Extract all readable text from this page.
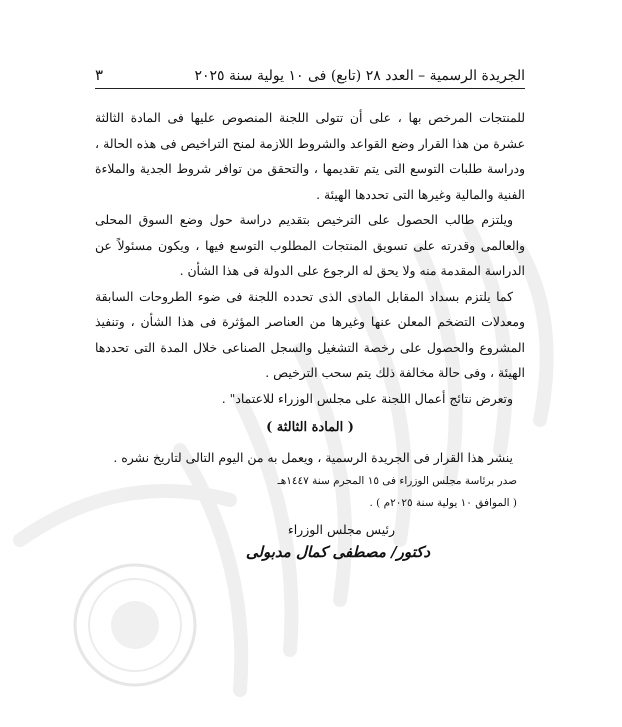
الجريدة الرسمية – العدد ٢٨ (تابع) فى ١٠ يولية سنة ٢٠٢٥
٣

للمنتجات المرخص بها ، على أن تتولى اللجنة المنصوص عليها فى المادة الثالثة عشرة من هذا القرار وضع القواعد والشروط اللازمة لمنح التراخيص فى هذه الحالة ، ودراسة طلبات التوسع التى يتم تقديمها ، والتحقق من توافر شروط الجدية والملاءة الفنية والمالية وغيرها التى تحددها الهيئة .

ويلتزم طالب الحصول على الترخيص بتقديم دراسة حول وضع السوق المحلى والعالمى وقدرته على تسويق المنتجات المطلوب التوسع فيها ، ويكون مسئولاً عن الدراسة المقدمة منه ولا يحق له الرجوع على الدولة فى هذا الشأن .

كما يلتزم بسداد المقابل المادى الذى تحدده اللجنة فى ضوء الطروحات السابقة ومعدلات التضخم المعلن عنها وغيرها من العناصر المؤثرة فى هذا الشأن ، وتنفيذ المشروع والحصول على رخصة التشغيل والسجل الصناعى خلال المدة التى تحددها الهيئة ، وفى حالة مخالفة ذلك يتم سحب الترخيص .

وتعرض نتائج أعمال اللجنة على مجلس الوزراء للاعتماد" .

( المادة الثالثة )

ينشر هذا القرار فى الجريدة الرسمية ، ويعمل به من اليوم التالى لتاريخ نشره .

صدر برئاسة مجلس الوزراء فى ١٥ المحرم سنة ١٤٤٧هـ

( الموافق ١٠ يولية سنة ٢٠٢٥م ) .

رئيس مجلس الوزراء
دكتور/ مصطفى كمال مدبولى
